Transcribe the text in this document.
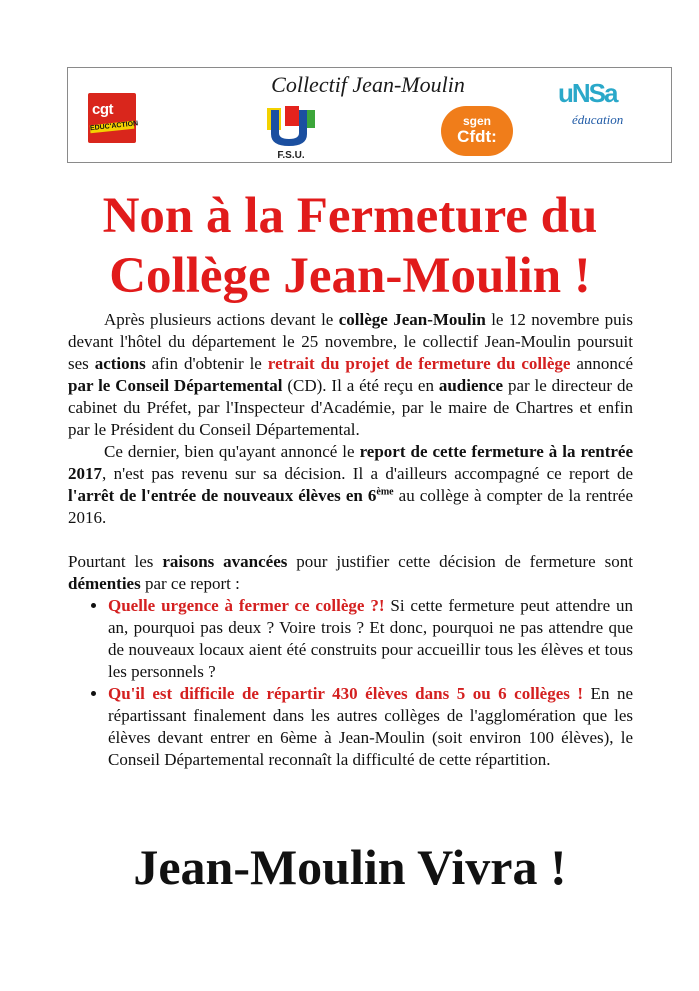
Collectif Jean-Moulin
cgt
EDUC'ACTION
F.S.U.
sgen
Cfdt:
uNSa
éducation
Non à la Fermeture du
Collège Jean-Moulin !

Après plusieurs actions devant le collège Jean-Moulin le 12 novembre puis devant l'hôtel du département le 25 novembre, le collectif Jean-Moulin poursuit ses actions afin d'obtenir le retrait du projet de fermeture du collège annoncé par le Conseil Départemental (CD). Il a été reçu en audience par le directeur de cabinet du Préfet, par l'Inspecteur d'Académie, par le maire de Chartres et enfin par le Président du Conseil Départemental.

Ce dernier, bien qu'ayant annoncé le report de cette fermeture à la rentrée 2017, n'est pas revenu sur sa décision. Il a d'ailleurs accompagné ce report de l'arrêt de l'entrée de nouveaux élèves en 6ème au collège à compter de la rentrée 2016.

Pourtant les raisons avancées pour justifier cette décision de fermeture sont démenties par ce report :

• Quelle urgence à fermer ce collège ?! Si cette fermeture peut attendre un an, pourquoi pas deux ? Voire trois ? Et donc, pourquoi ne pas attendre que de nouveaux locaux aient été construits pour accueillir tous les élèves et tous les personnels ?
• Qu'il est difficile de répartir 430 élèves dans 5 ou 6 collèges ! En ne répartissant finalement dans les autres collèges de l'agglomération que les élèves devant entrer en 6ème à Jean-Moulin (soit environ 100 élèves), le Conseil Départemental reconnaît la difficulté de cette répartition.
Jean-Moulin Vivra !
